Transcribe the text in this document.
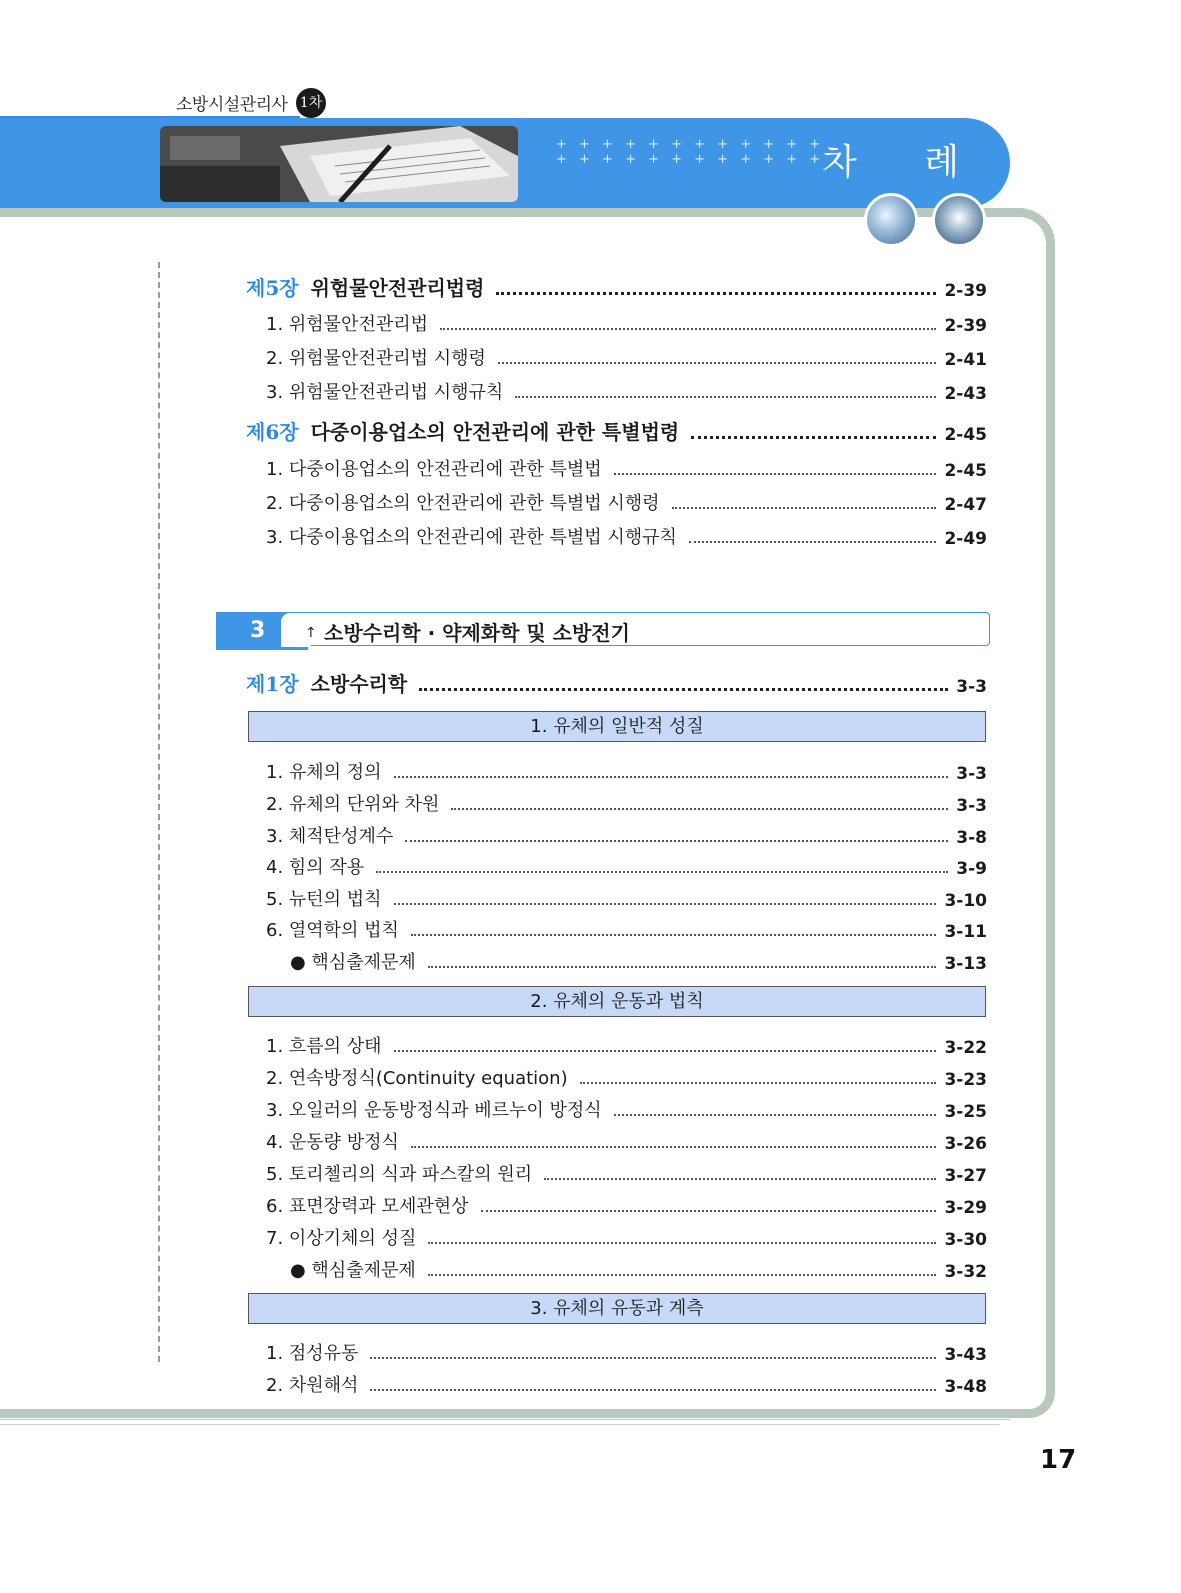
소방시설관리사 1차
+ + + + + + + + + + + +
+ + + + + + + + + + + +
차 례
제5장 위험물안전관리법령	2-39
1. 위험물안전관리법	2-39
2. 위험물안전관리법 시행령	2-41
3. 위험물안전관리법 시행규칙	2-43
제6장 다중이용업소의 안전관리에 관한 특별법령	2-45
1. 다중이용업소의 안전관리에 관한 특별법	2-45
2. 다중이용업소의 안전관리에 관한 특별법 시행령	2-47
3. 다중이용업소의 안전관리에 관한 특별법 시행규칙	2-49
3	↑ 소방수리학 · 약제화학 및 소방전기
제1장 소방수리학	3-3
1. 유체의 일반적 성질
1. 유체의 정의	3-3
2. 유체의 단위와 차원	3-3
3. 체적탄성계수	3-8
4. 힘의 작용	3-9
5. 뉴턴의 법칙	3-10
6. 열역학의 법칙	3-11
● 핵심출제문제	3-13
2. 유체의 운동과 법칙
1. 흐름의 상태	3-22
2. 연속방정식(Continuity equation)	3-23
3. 오일러의 운동방정식과 베르누이 방정식	3-25
4. 운동량 방정식	3-26
5. 토리첼리의 식과 파스칼의 원리	3-27
6. 표면장력과 모세관현상	3-29
7. 이상기체의 성질	3-30
● 핵심출제문제	3-32
3. 유체의 유동과 계측
1. 점성유동	3-43
2. 차원해석	3-48
17
